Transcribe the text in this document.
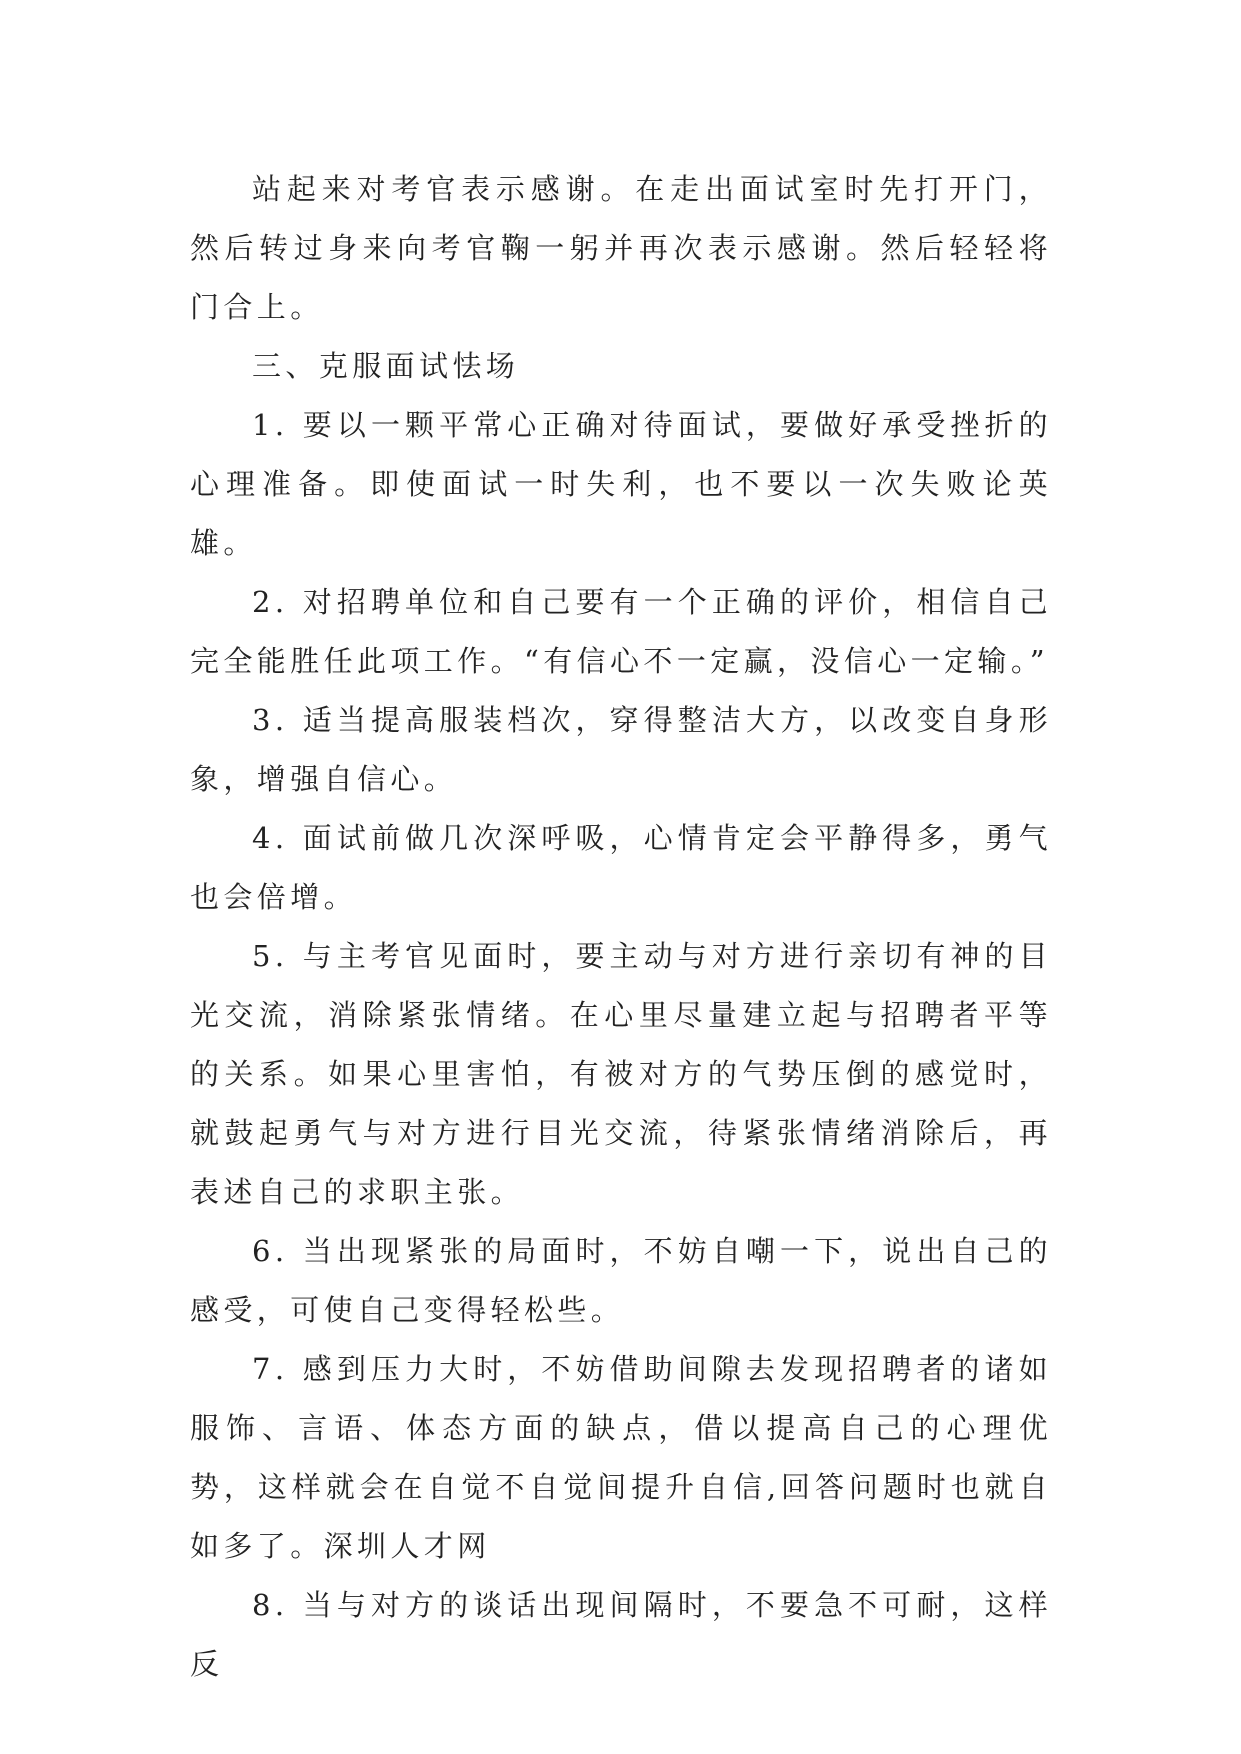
站起来对考官表示感谢。在走出面试室时先打开门，然后转过身来向考官鞠一躬并再次表示感谢。然后轻轻将门合上。

三、克服面试怯场

1. 要以一颗平常心正确对待面试，要做好承受挫折的心理准备。即使面试一时失利，也不要以一次失败论英雄。

2. 对招聘单位和自己要有一个正确的评价，相信自己完全能胜任此项工作。“有信心不一定赢，没信心一定输。”

3. 适当提高服装档次，穿得整洁大方，以改变自身形象，增强自信心。

4. 面试前做几次深呼吸，心情肯定会平静得多，勇气也会倍增。

5. 与主考官见面时，要主动与对方进行亲切有神的目光交流，消除紧张情绪。在心里尽量建立起与招聘者平等的关系。如果心里害怕，有被对方的气势压倒的感觉时，就鼓起勇气与对方进行目光交流，待紧张情绪消除后，再表述自己的求职主张。

6. 当出现紧张的局面时，不妨自嘲一下，说出自己的感受，可使自己变得轻松些。

7. 感到压力大时，不妨借助间隙去发现招聘者的诸如服饰、言语、体态方面的缺点，借以提高自己的心理优势，这样就会在自觉不自觉间提升自信,回答问题时也就自如多了。深圳人才网

8. 当与对方的谈话出现间隔时，不要急不可耐，这样反
